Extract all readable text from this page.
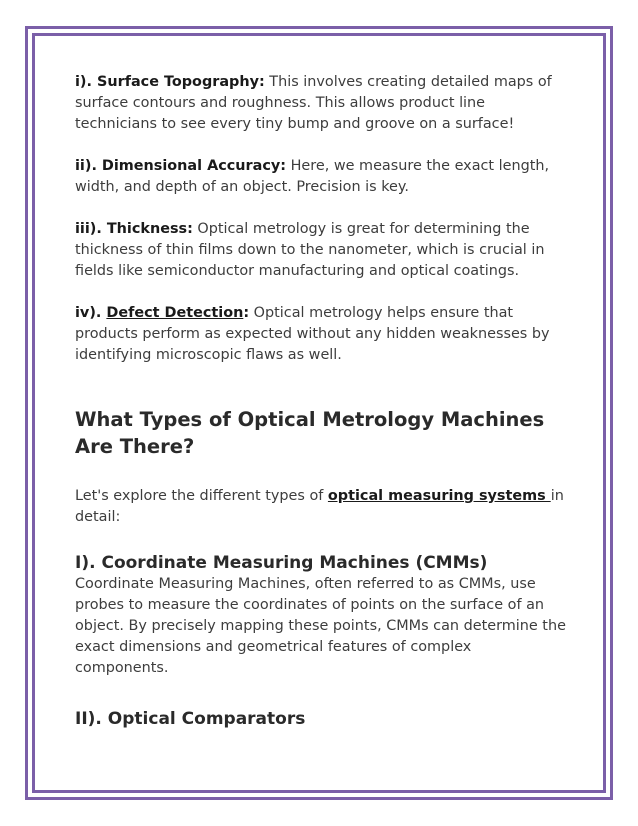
i). Surface Topography: This involves creating detailed maps of surface contours and roughness. This allows product line technicians to see every tiny bump and groove on a surface!

ii). Dimensional Accuracy: Here, we measure the exact length, width, and depth of an object. Precision is key.

iii). Thickness: Optical metrology is great for determining the thickness of thin films down to the nanometer, which is crucial in fields like semiconductor manufacturing and optical coatings.

iv). Defect Detection: Optical metrology helps ensure that products perform as expected without any hidden weaknesses by identifying microscopic flaws as well.

What Types of Optical Metrology Machines Are There?

Let's explore the different types of optical measuring systems in detail:

I). Coordinate Measuring Machines (CMMs)

Coordinate Measuring Machines, often referred to as CMMs, use probes to measure the coordinates of points on the surface of an object. By precisely mapping these points, CMMs can determine the exact dimensions and geometrical features of complex components.

II). Optical Comparators
